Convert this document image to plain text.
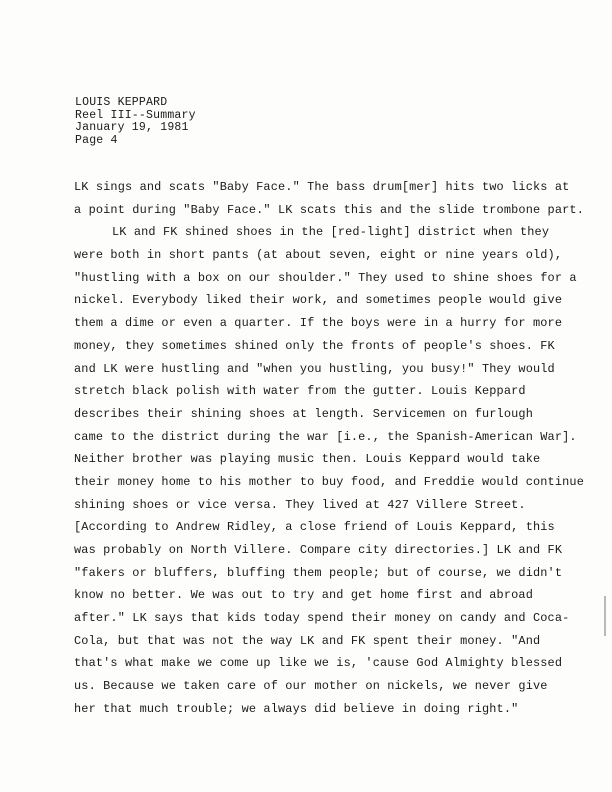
LOUIS KEPPARD
Reel III--Summary
January 19, 1981
Page 4
LK sings and scats "Baby Face." The bass drum[mer] hits two licks at
a point during "Baby Face." LK scats this and the slide trombone part.
LK and FK shined shoes in the [red-light] district when they
were both in short pants (at about seven, eight or nine years old),
"hustling with a box on our shoulder." They used to shine shoes for a
nickel. Everybody liked their work, and sometimes people would give
them a dime or even a quarter. If the boys were in a hurry for more
money, they sometimes shined only the fronts of people's shoes. FK
and LK were hustling and "when you hustling, you busy!" They would
stretch black polish with water from the gutter. Louis Keppard
describes their shining shoes at length. Servicemen on furlough
came to the district during the war [i.e., the Spanish-American War].
Neither brother was playing music then. Louis Keppard would take
their money home to his mother to buy food, and Freddie would continue
shining shoes or vice versa. They lived at 427 Villere Street.
[According to Andrew Ridley, a close friend of Louis Keppard, this
was probably on North Villere. Compare city directories.] LK and FK
"fakers or bluffers, bluffing them people; but of course, we didn't
know no better. We was out to try and get home first and abroad
after." LK says that kids today spend their money on candy and Coca-
Cola, but that was not the way LK and FK spent their money. "And
that's what make we come up like we is, 'cause God Almighty blessed
us. Because we taken care of our mother on nickels, we never give
her that much trouble; we always did believe in doing right."
